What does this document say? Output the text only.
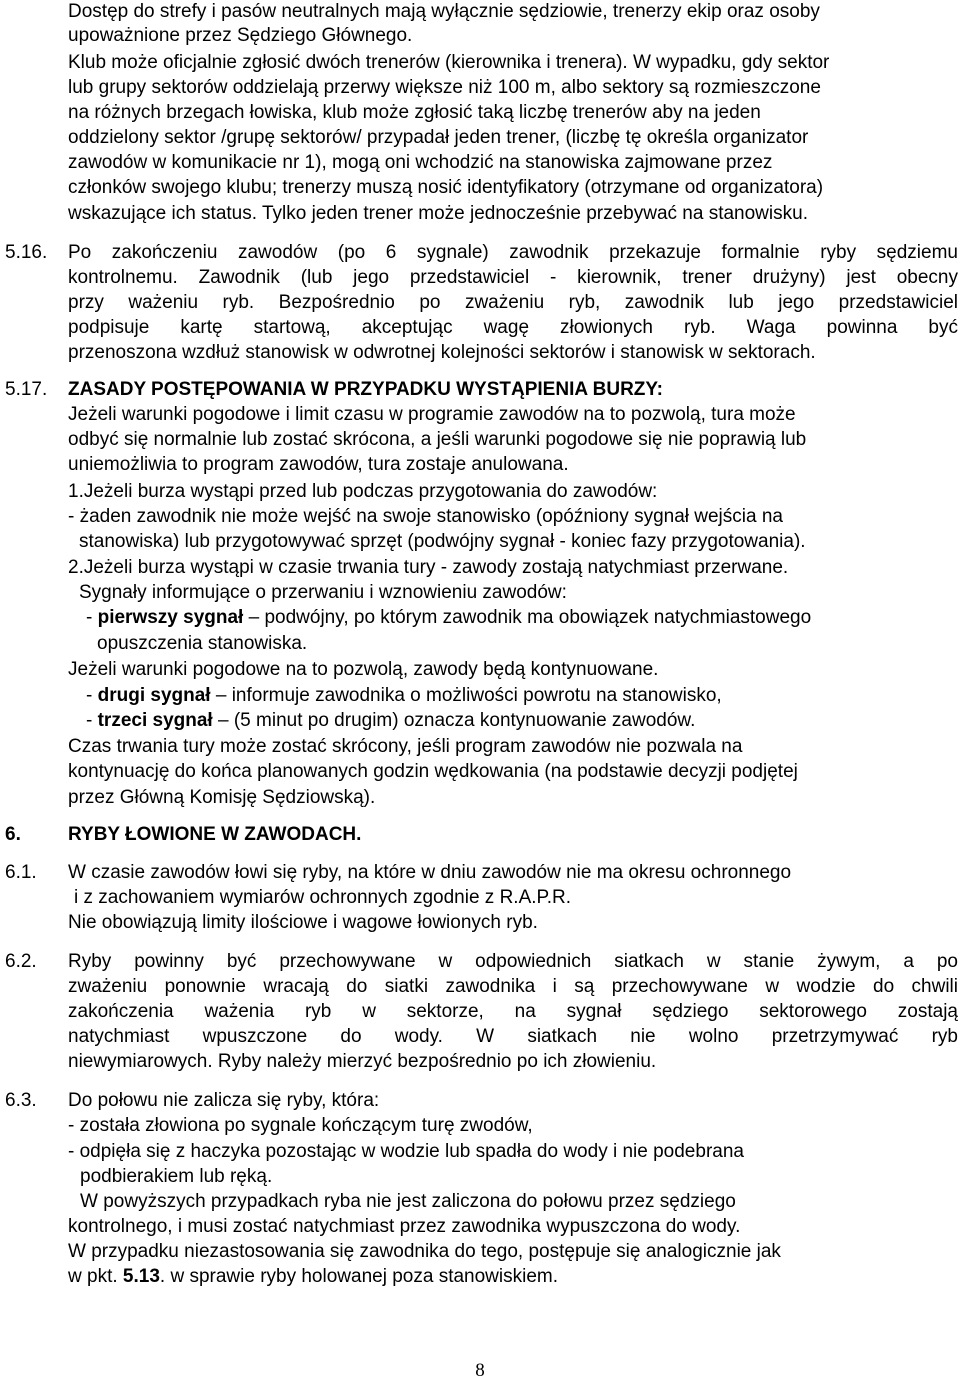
Dostęp do strefy i pasów neutralnych mają wyłącznie sędziowie, trenerzy ekip oraz osoby
upoważnione przez Sędziego Głównego.
Klub może oficjalnie zgłosić dwóch trenerów (kierownika i trenera). W wypadku, gdy sektor
lub grupy sektorów oddzielają przerwy większe niż 100 m, albo sektory są rozmieszczone
na różnych brzegach łowiska, klub może zgłosić taką liczbę trenerów aby na jeden
oddzielony sektor /grupę sektorów/ przypadał jeden trener, (liczbę tę określa organizator
zawodów w komunikacie nr 1), mogą oni wchodzić na stanowiska zajmowane przez
członków swojego klubu; trenerzy muszą nosić identyfikatory (otrzymane od organizatora)
wskazujące ich status. Tylko jeden trener może jednocześnie przebywać na stanowisku.
5.16. Po zakończeniu zawodów (po 6 sygnale) zawodnik przekazuje formalnie ryby sędziemu
kontrolnemu. Zawodnik (lub jego przedstawiciel - kierownik, trener drużyny) jest obecny
przy ważeniu ryb. Bezpośrednio po zważeniu ryb, zawodnik lub jego przedstawiciel
podpisuje kartę startową, akceptując wagę złowionych ryb. Waga powinna być
przenoszona wzdłuż stanowisk w odwrotnej kolejności sektorów i stanowisk w sektorach.
5.17. ZASADY POSTĘPOWANIA W PRZYPADKU WYSTĄPIENIA BURZY:
Jeżeli warunki pogodowe i limit czasu w programie zawodów na to pozwolą, tura może
odbyć się normalnie lub zostać skrócona, a jeśli warunki pogodowe się nie poprawią lub
uniemożliwia to program zawodów, tura zostaje anulowana.
1.Jeżeli burza wystąpi przed lub podczas przygotowania do zawodów:
- żaden zawodnik nie może wejść na swoje stanowisko (opóźniony sygnał wejścia na
stanowiska) lub przygotowywać sprzęt (podwójny sygnał - koniec fazy przygotowania).
2.Jeżeli burza wystąpi w czasie trwania tury - zawody zostają natychmiast przerwane.
Sygnały informujące o przerwaniu i wznowieniu zawodów:
- pierwszy sygnał – podwójny, po którym zawodnik ma obowiązek natychmiastowego
opuszczenia stanowiska.
Jeżeli warunki pogodowe na to pozwolą, zawody będą kontynuowane.
- drugi sygnał – informuje zawodnika o możliwości powrotu na stanowisko,
- trzeci sygnał – (5 minut po drugim) oznacza kontynuowanie zawodów.
Czas trwania tury może zostać skrócony, jeśli program zawodów nie pozwala na
kontynuację do końca planowanych godzin wędkowania (na podstawie decyzji podjętej
przez Główną Komisję Sędziowską).
6. RYBY ŁOWIONE W ZAWODACH.
6.1. W czasie zawodów łowi się ryby, na które w dniu zawodów nie ma okresu ochronnego
i z zachowaniem wymiarów ochronnych zgodnie z R.A.P.R.
Nie obowiązują limity ilościowe i wagowe łowionych ryb.
6.2. Ryby powinny być przechowywane w odpowiednich siatkach w stanie żywym, a po
zważeniu ponownie wracają do siatki zawodnika i są przechowywane w wodzie do chwili
zakończenia ważenia ryb w sektorze, na sygnał sędziego sektorowego zostają
natychmiast wpuszczone do wody. W siatkach nie wolno przetrzymywać ryb
niewymiarowych. Ryby należy mierzyć bezpośrednio po ich złowieniu.
6.3. Do połowu nie zalicza się ryby, która:
- została złowiona po sygnale kończącym turę zwodów,
- odpięła się z haczyka pozostając w wodzie lub spadła do wody i nie podebrana
podbierakiem lub ręką.
W powyższych przypadkach ryba nie jest zaliczona do połowu przez sędziego
kontrolnego, i musi zostać natychmiast przez zawodnika wypuszczona do wody.
W przypadku niezastosowania się zawodnika do tego, postępuje się analogicznie jak
w pkt. 5.13. w sprawie ryby holowanej poza stanowiskiem.
8
